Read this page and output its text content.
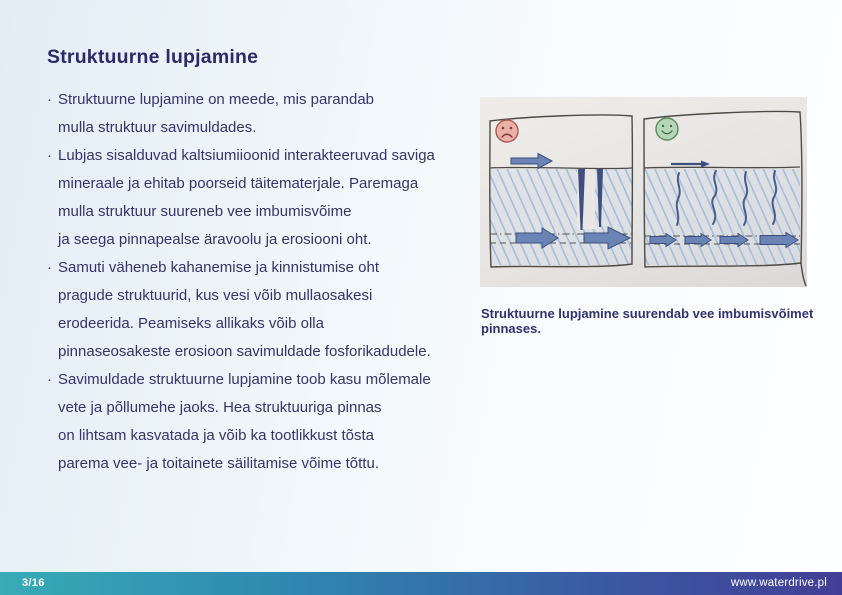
Struktuurne lupjamine
· Struktuurne lupjamine on meede, mis parandab
mulla struktuur savimuldades.
· Lubjas sisalduvad kaltsiumiioonid interakteeruvad saviga
mineraale ja ehitab poorseid täitematerjale. Paremaga
mulla struktuur suureneb vee imbumisvõime
ja seega pinnapealse äravoolu ja erosiooni oht.
· Samuti väheneb kahanemise ja kinnistumise oht
pragude struktuurid, kus vesi võib mullaosakesi
erodeerida. Peamiseks allikaks võib olla
pinnaseosakeste erosioon savimuldade fosforikadudele.
· Savimuldade struktuurne lupjamine toob kasu mõlemale
vete ja põllumehe jaoks. Hea struktuuriga pinnas
on lihtsam kasvatada ja võib ka tootlikkust tõsta
parema vee- ja toitainete säilitamise võime tõttu.

Struktuurne lupjamine suurendab vee imbumisvõimet pinnases.

3/16	www.waterdrive.pl
